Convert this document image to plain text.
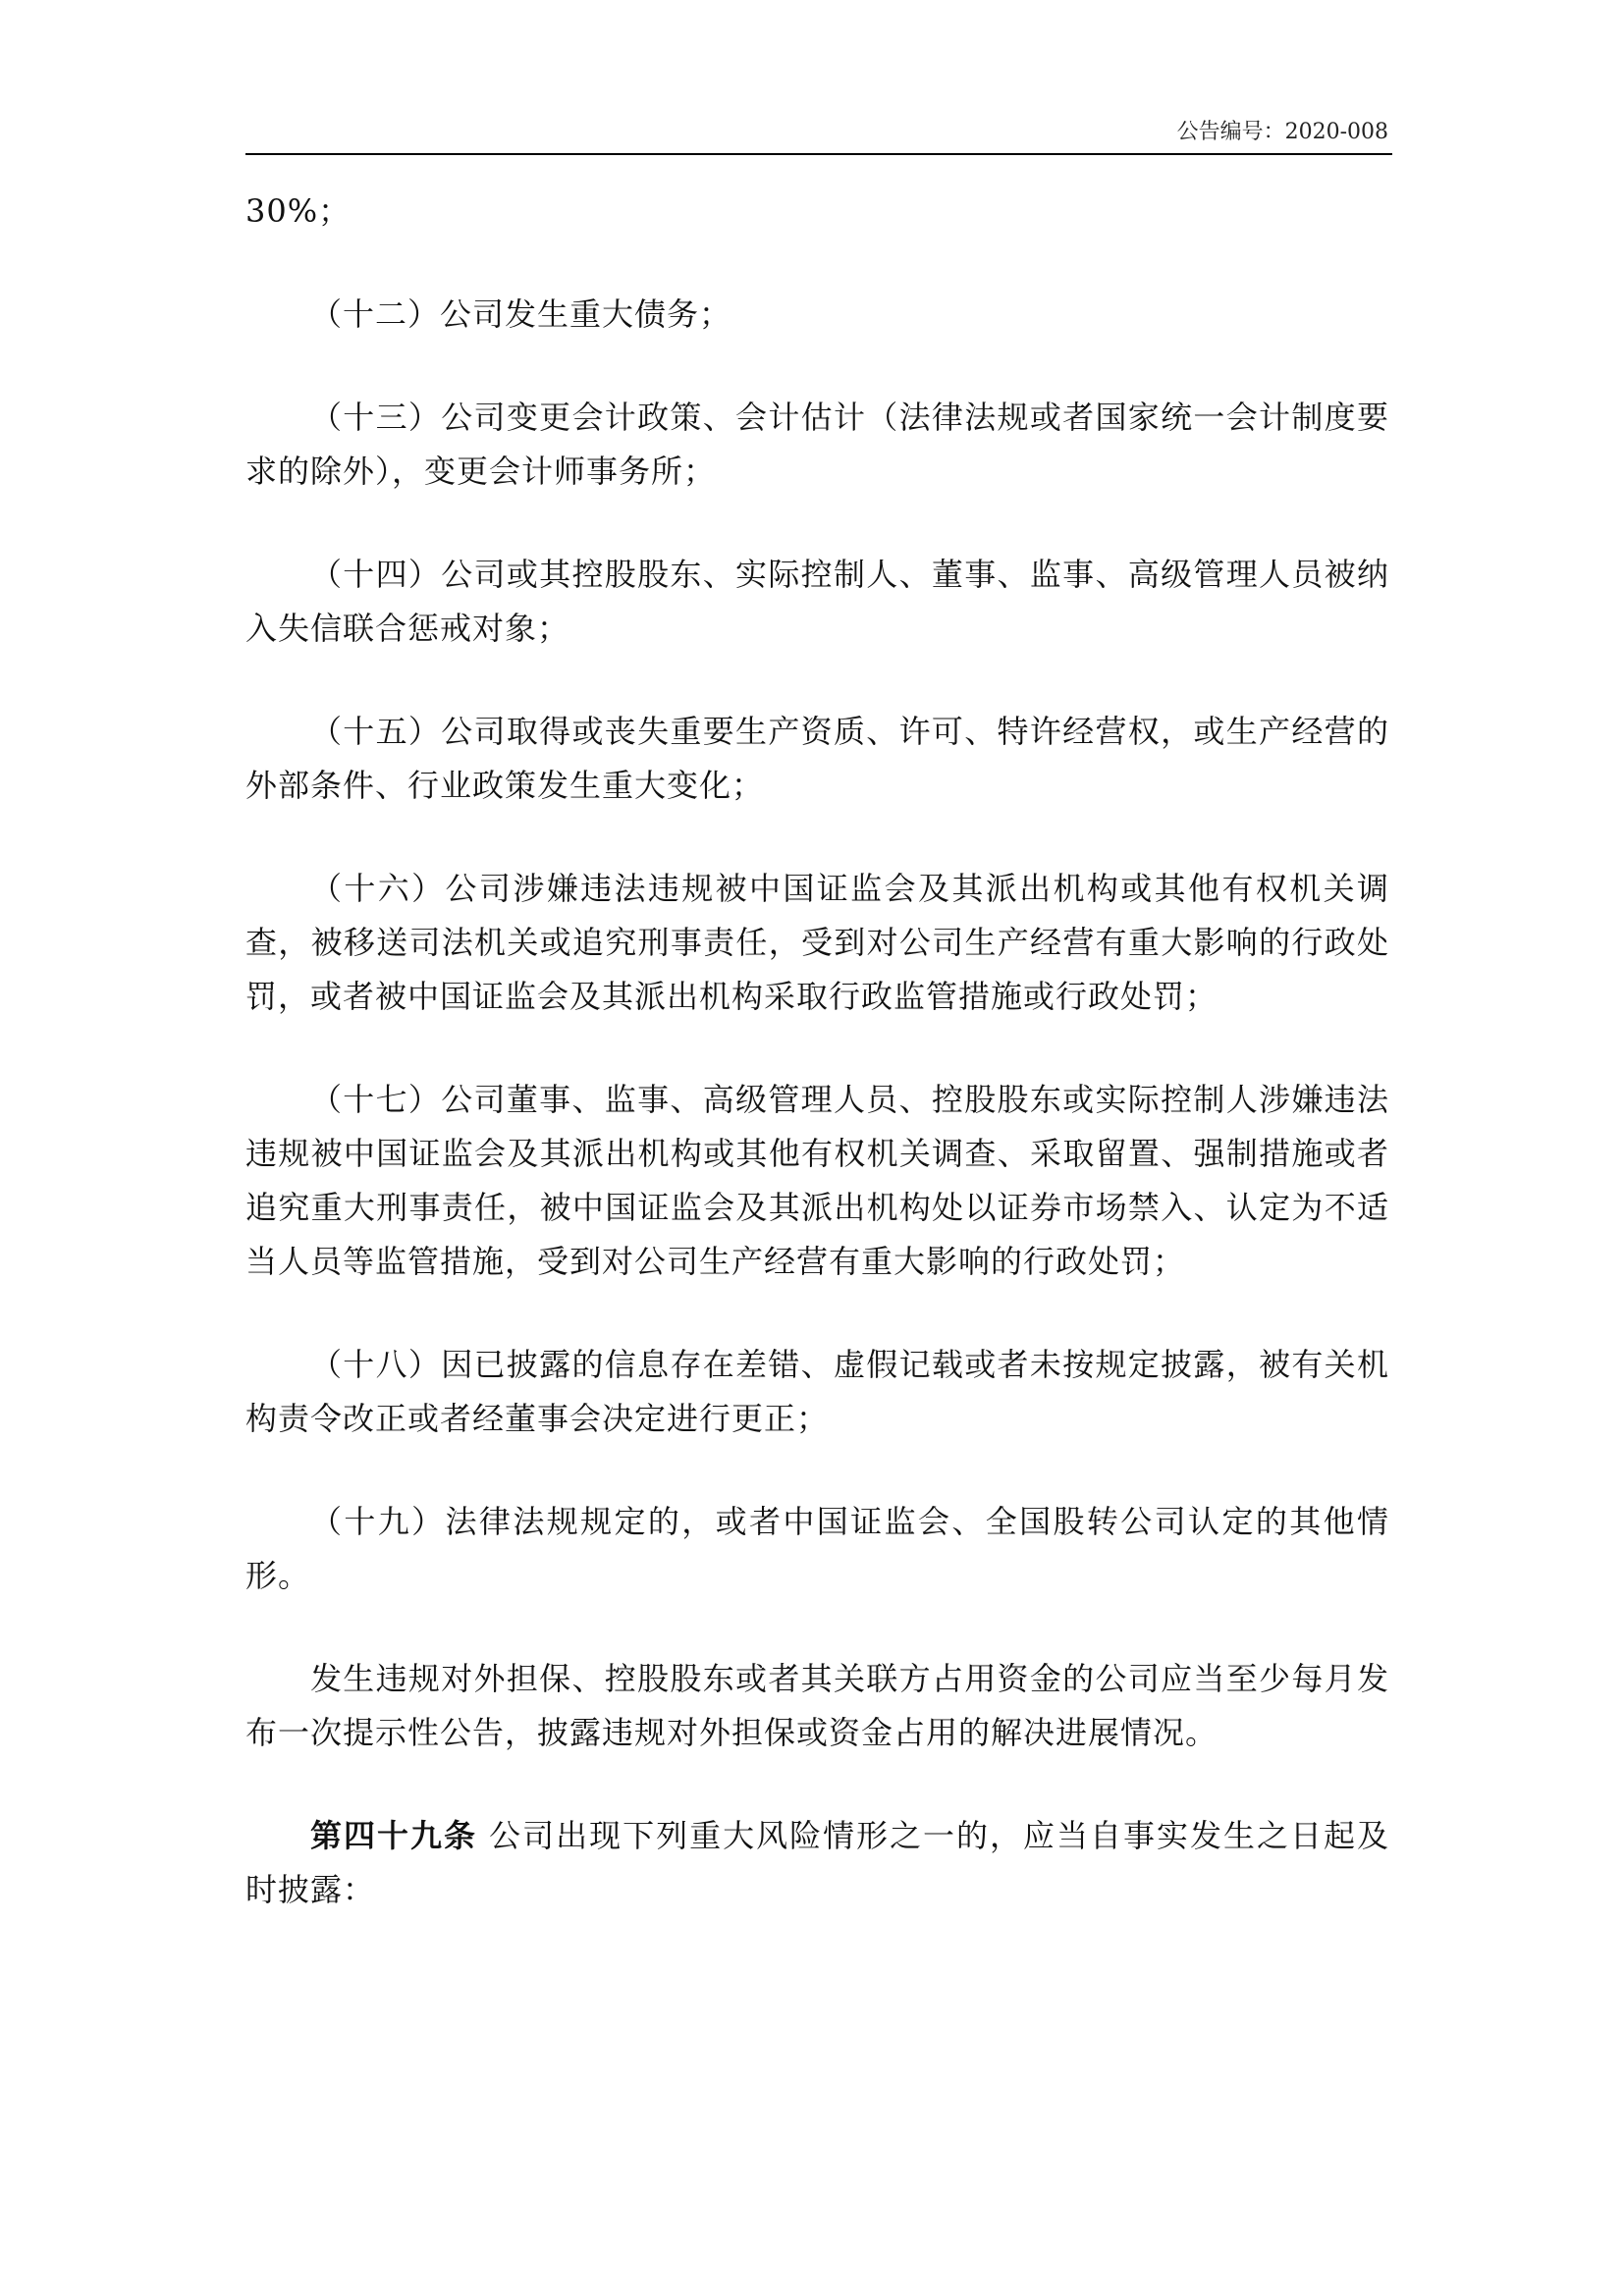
公告编号：2020-008

30%；

（十二）公司发生重大债务；

（十三）公司变更会计政策、会计估计（法律法规或者国家统一会计制度要求的除外），变更会计师事务所；

（十四）公司或其控股股东、实际控制人、董事、监事、高级管理人员被纳入失信联合惩戒对象；

（十五）公司取得或丧失重要生产资质、许可、特许经营权，或生产经营的外部条件、行业政策发生重大变化；

（十六）公司涉嫌违法违规被中国证监会及其派出机构或其他有权机关调查，被移送司法机关或追究刑事责任，受到对公司生产经营有重大影响的行政处罚，或者被中国证监会及其派出机构采取行政监管措施或行政处罚；

（十七）公司董事、监事、高级管理人员、控股股东或实际控制人涉嫌违法违规被中国证监会及其派出机构或其他有权机关调查、采取留置、强制措施或者追究重大刑事责任，被中国证监会及其派出机构处以证券市场禁入、认定为不适当人员等监管措施，受到对公司生产经营有重大影响的行政处罚；

（十八）因已披露的信息存在差错、虚假记载或者未按规定披露，被有关机构责令改正或者经董事会决定进行更正；

（十九）法律法规规定的，或者中国证监会、全国股转公司认定的其他情形。

发生违规对外担保、控股股东或者其关联方占用资金的公司应当至少每月发布一次提示性公告，披露违规对外担保或资金占用的解决进展情况。

第四十九条 公司出现下列重大风险情形之一的，应当自事实发生之日起及时披露：
